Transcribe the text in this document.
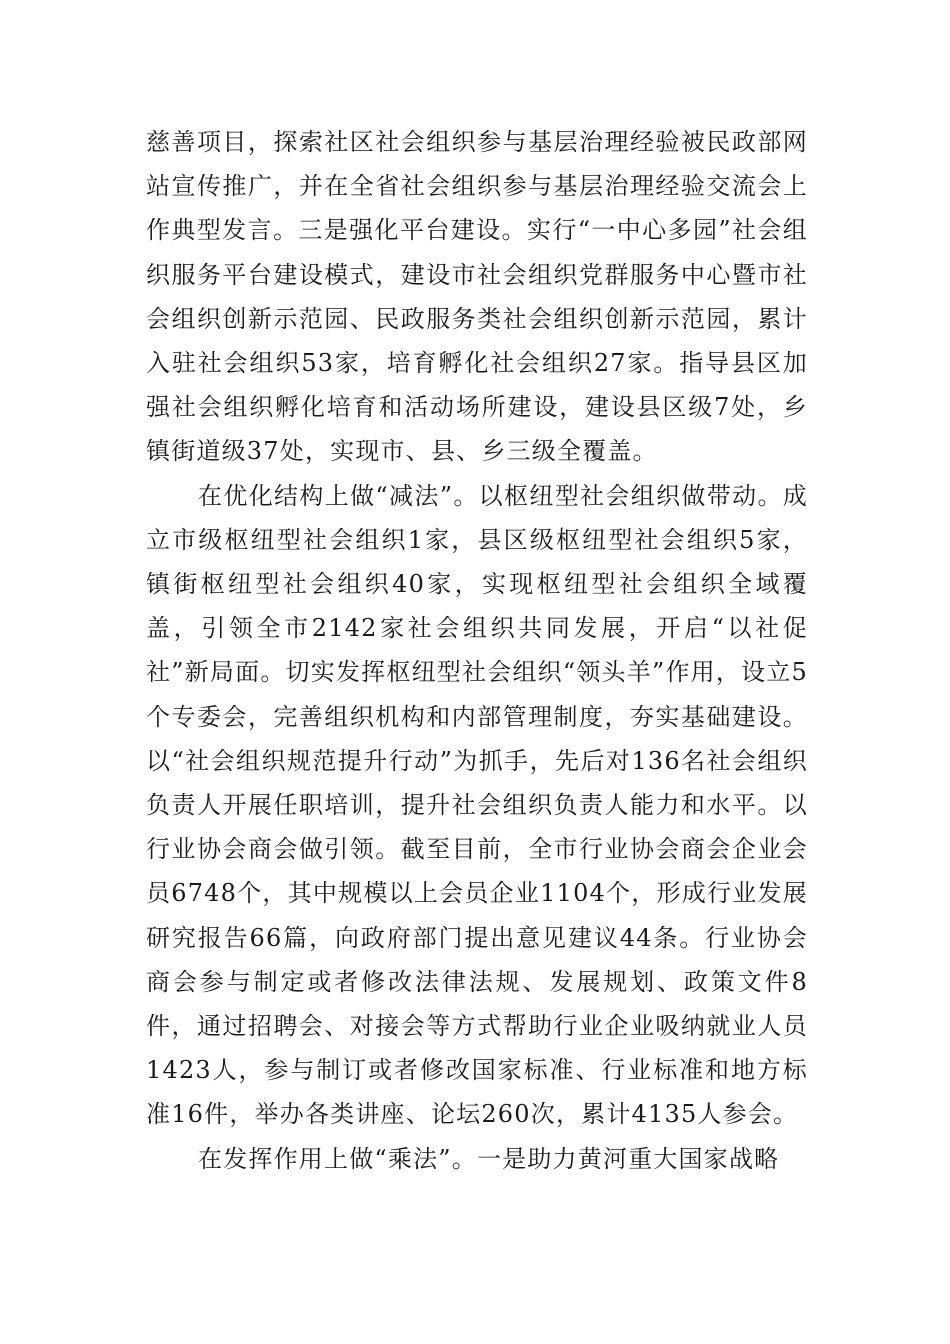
慈善项目，探索社区社会组织参与基层治理经验被民政部网站宣传推广，并在全省社会组织参与基层治理经验交流会上作典型发言。三是强化平台建设。实行“一中心多园”社会组织服务平台建设模式，建设市社会组织党群服务中心暨市社会组织创新示范园、民政服务类社会组织创新示范园，累计入驻社会组织53家，培育孵化社会组织27家。指导县区加强社会组织孵化培育和活动场所建设，建设县区级7处，乡镇街道级37处，实现市、县、乡三级全覆盖。

在优化结构上做“减法”。以枢纽型社会组织做带动。成立市级枢纽型社会组织1家，县区级枢纽型社会组织5家，镇街枢纽型社会组织40家，实现枢纽型社会组织全域覆盖，引领全市2142家社会组织共同发展，开启“以社促社”新局面。切实发挥枢纽型社会组织“领头羊”作用，设立5个专委会，完善组织机构和内部管理制度，夯实基础建设。以“社会组织规范提升行动”为抓手，先后对136名社会组织负责人开展任职培训，提升社会组织负责人能力和水平。以行业协会商会做引领。截至目前，全市行业协会商会企业会员6748个，其中规模以上会员企业1104个，形成行业发展研究报告66篇，向政府部门提出意见建议44条。行业协会商会参与制定或者修改法律法规、发展规划、政策文件8件，通过招聘会、对接会等方式帮助行业企业吸纳就业人员1423人，参与制订或者修改国家标准、行业标准和地方标准16件，举办各类讲座、论坛260次，累计4135人参会。

在发挥作用上做“乘法”。一是助力黄河重大国家战略
